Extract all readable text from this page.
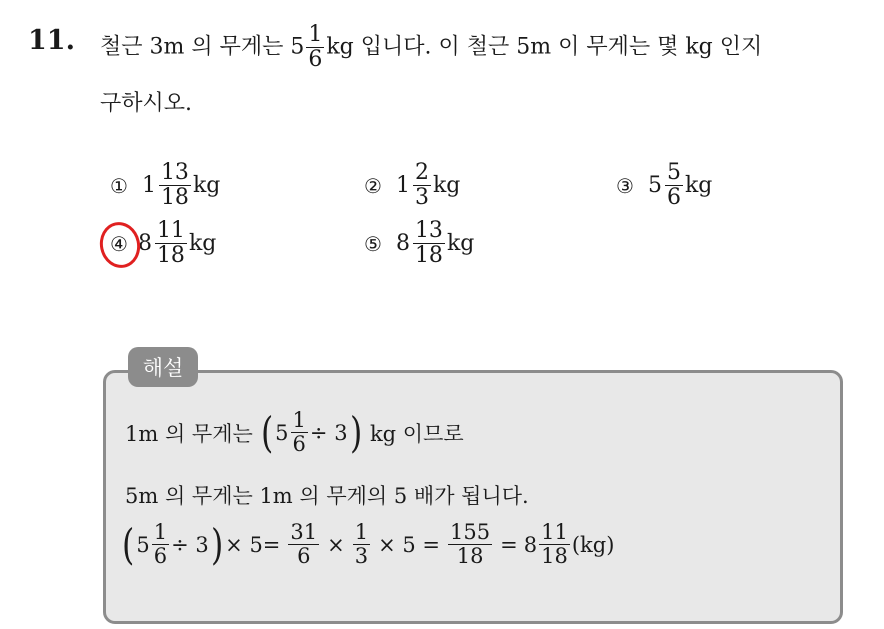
11. 철근 3m 의 무게는 $5 \frac{1}{6}$ kg 입니다. 이 철근 5m 이 무게는 몇 kg 인지
구하시오.
① $1 \frac{13}{18}$ kg	② $1 \frac{2}{3}$ kg	③ $5 \frac{5}{6}$ kg
④ $8 \frac{11}{18}$ kg	⑤ $8 \frac{13}{18}$ kg
해설
1m 의 무게는 ( $5 \frac{1}{6} \div 3$ ) kg 이므로
5m 의 무게는 1m 의 무게의 5 배가 됩니다.
( $5 \frac{1}{6} \div 3$ ) × $5= \frac{31}{6} \times \frac{1}{3} \times 5 = \frac{155}{18} = 8 \frac{11}{18} (kg)$
